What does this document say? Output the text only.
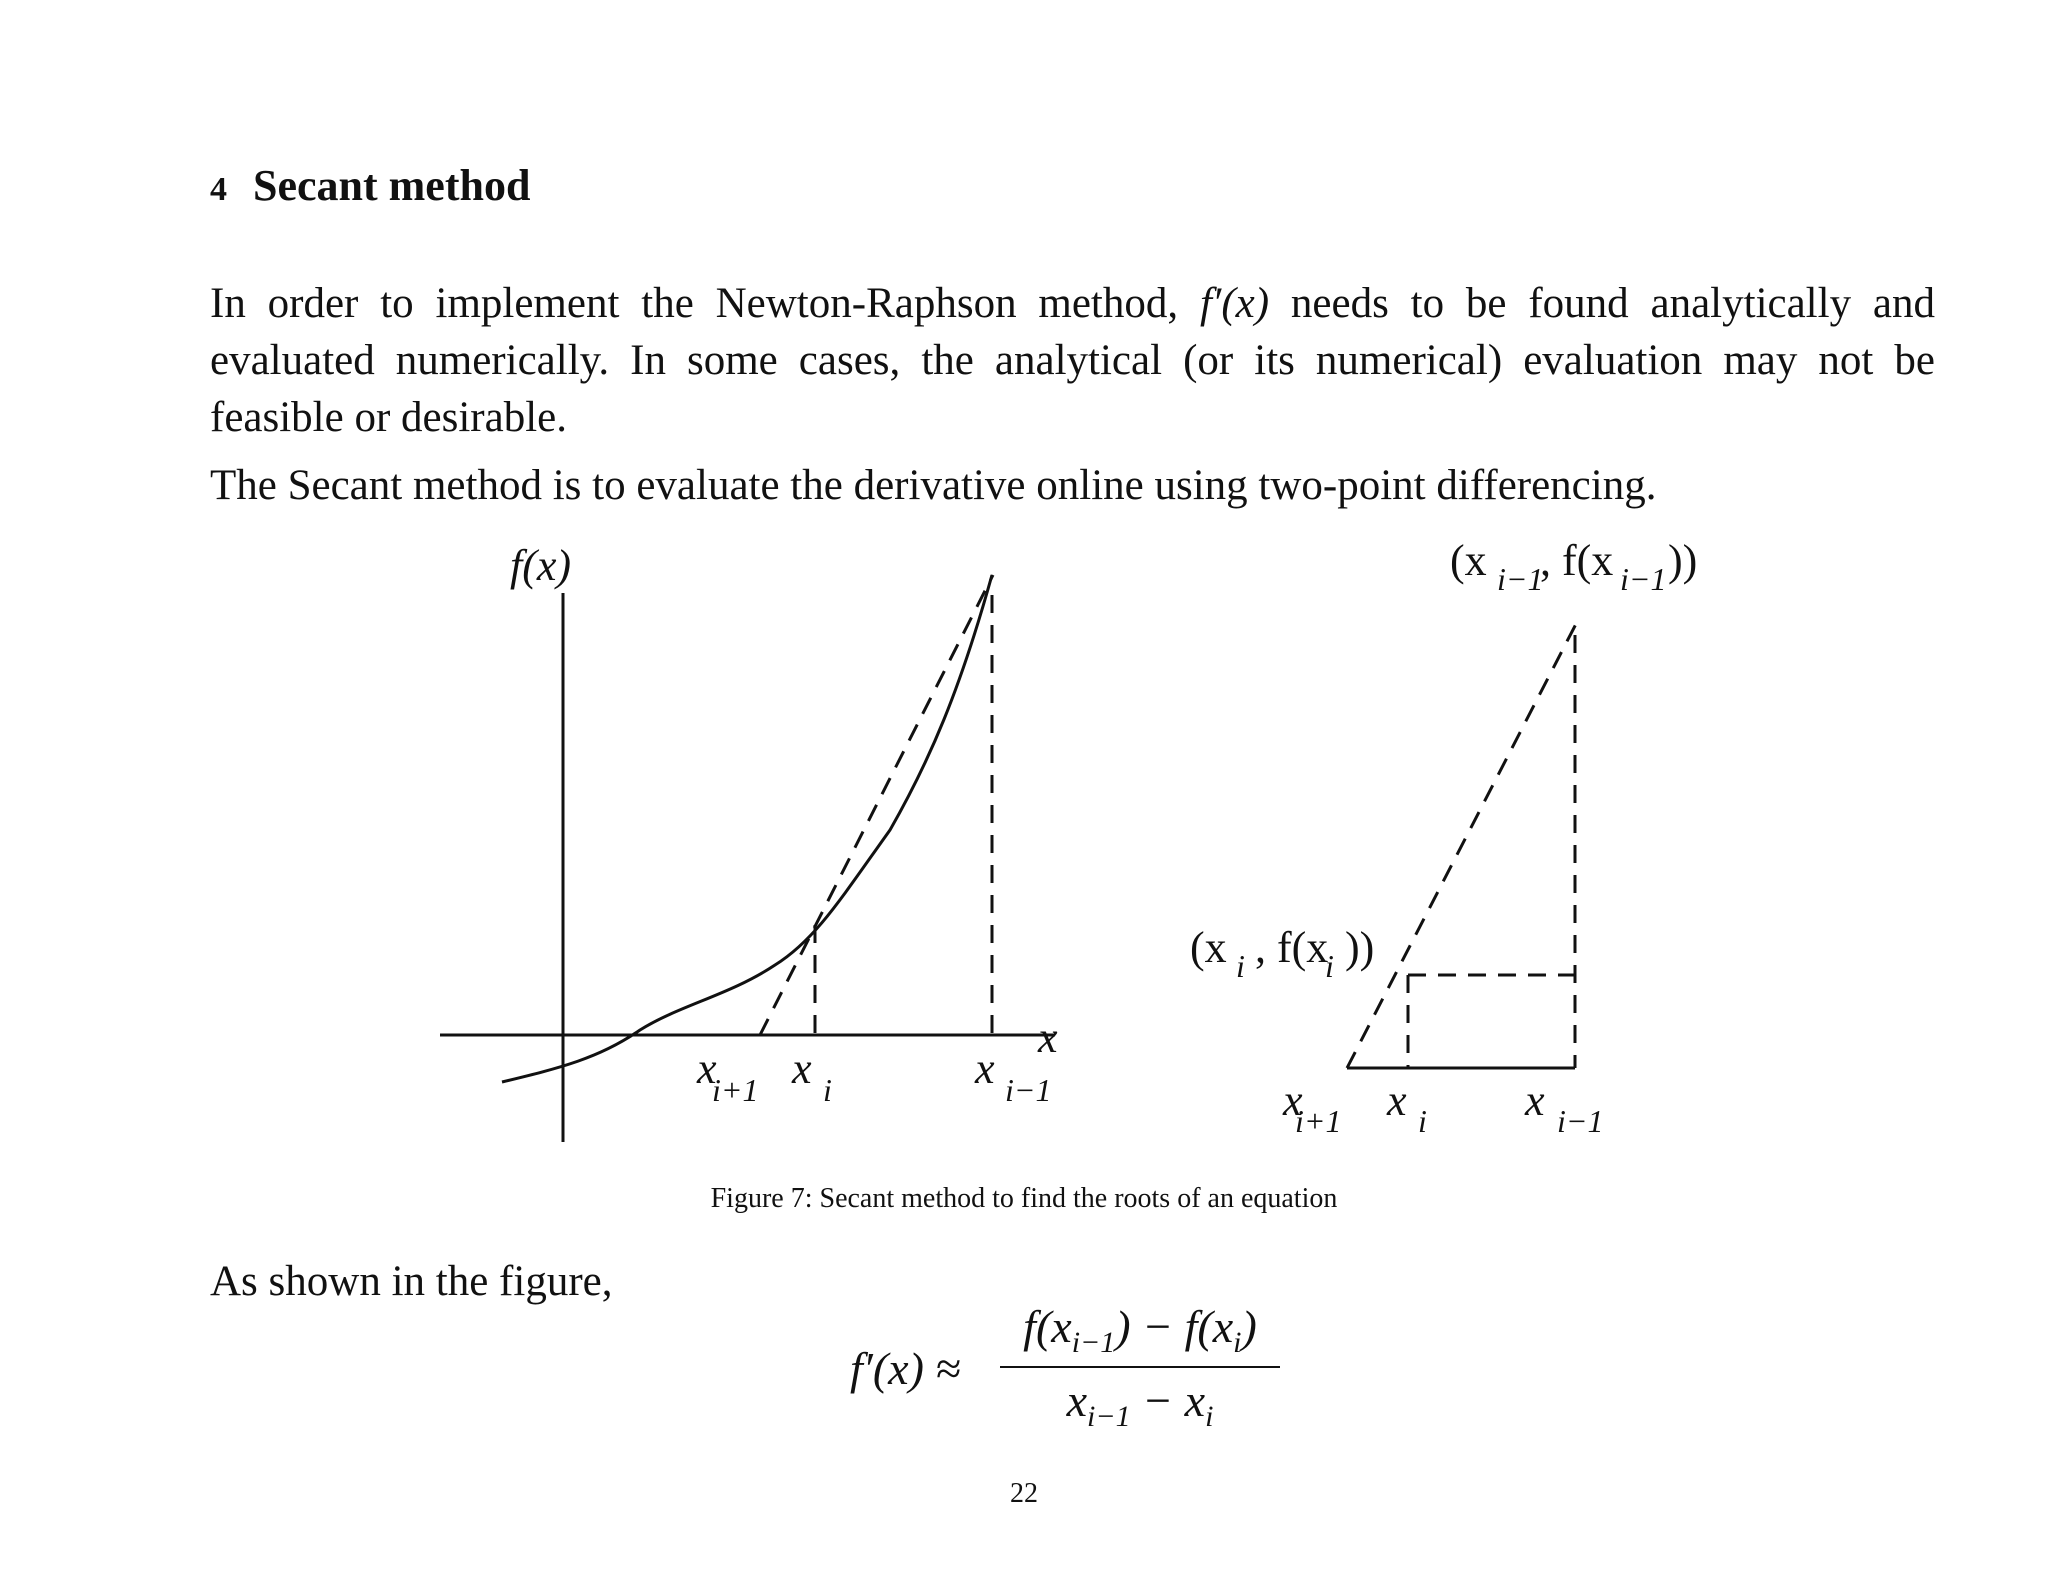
4 Secant method
In order to implement the Newton-Raphson method, f′(x) needs to be found analytically and evaluated numerically. In some cases, the analytical (or its numerical) evaluation may not be feasible or desirable.
The Secant method is to evaluate the derivative online using two-point differencing.
f(x)
x
x
i+1 x i	x i−1
(x i−1
, f(x i−1 ))
(x i , f(x
i ))
x
i+1 x i x i−1
Figure 7: Secant method to find the roots of an equation
As shown in the figure,
f′(x) ≈
$f(x_{i-1}) - f(x_i)$
$x_{i-1} - x_i$
22
